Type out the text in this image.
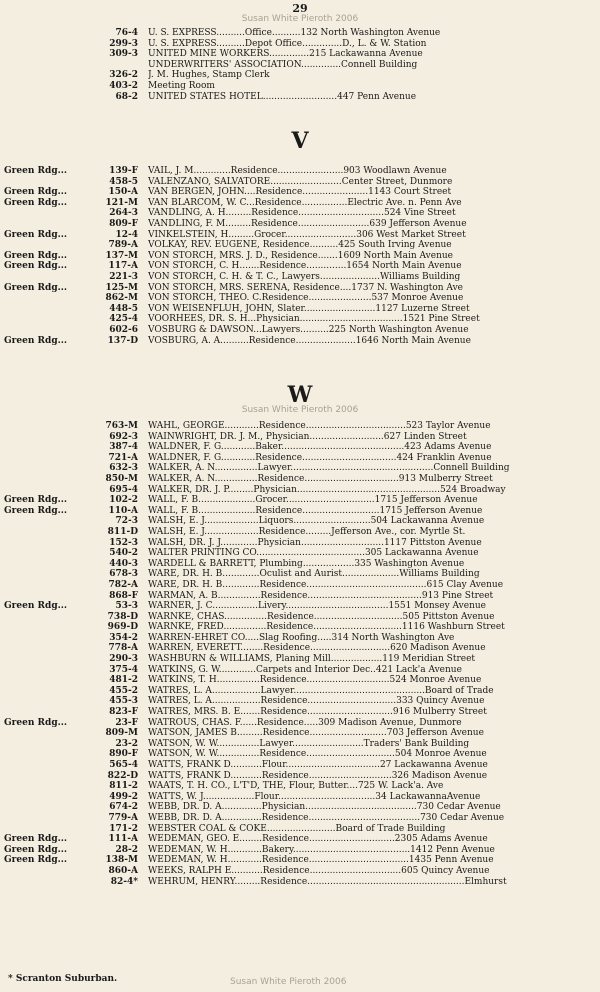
29
Susan White Pieroth 2006
76-4 U. S. EXPRESS..........Office..........132 North Washington Avenue
299-3 U. S. EXPRESS..........Depot Office..............D., L. & W. Station
309-3 UNITED MINE WORKERS..............215 Lackawanna Avenue
UNDERWRITERS' ASSOCIATION..............Connell Building
326-2 J. M. Hughes, Stamp Clerk
403-2 Meeting Room
68-2 UNITED STATES HOTEL..........................447 Penn Avenue
V
Green Rdg...	139-F VAIL, J. M.............Residence.......................903 Woodlawn Avenue
458-5 VALENZANO, SALVATORE.........................Center Street, Dunmore
Green Rdg...	150-A VAN BERGEN, JOHN....Residence.......................1143 Court Street
Green Rdg...	121-M VAN BLARCOM, W. C...Residence................Electric Ave. n. Penn Ave
264-3 VANDLING, A. H.........Residence..............................524 Vine Street
809-F VANDLING, F. M.........Residence.........................639 Jefferson Avenue
Green Rdg...	12-4 VINKELSTEIN, H.........Grocer.........................306 West Market Street
789-A VOLKAY, REV. EUGENE, Residence..........425 South Irving Avenue
Green Rdg...	137-M VON STORCH, MRS. J. D., Residence.......1609 North Main Avenue
Green Rdg...	117-A VON STORCH, C. H.......Residence..............1654 North Main Avenue
221-3 VON STORCH, C. H. & T. C., Lawyers.....................Williams Building
Green Rdg...	125-M VON STORCH, MRS. SERENA, Residence....1737 N. Washington Ave
862-M VON STORCH, THEO. C.Residence......................537 Monroe Avenue
448-5 VON WEISENFLUH, JOHN, Slater.........................1127 Luzerne Street
425-4 VOORHEES, DR. S. H...Physician....................................1521 Pine Street
602-6 VOSBURG & DAWSON...Lawyers..........225 North Washington Avenue
Green Rdg...	137-D VOSBURG, A. A..........Residence.....................1646 North Main Avenue
W
Susan White Pieroth 2006
763-M WAHL, GEORGE............Residence...................................523 Taylor Avenue
692-3 WAINWRIGHT, DR. J. M., Physician..........................627 Linden Street
387-4 WALDNER, F. G............Baker...........................................423 Adams Avenue
721-A WALDNER, F. G............Residence.................................424 Franklin Avenue
632-3 WALKER, A. N...............Lawyer..................................................Connell Building
850-M WALKER, A. N...............Residence.................................913 Mulberry Street
695-4 WALKER, DR. J. P.........Physician..................................................524 Broadway
Green Rdg...	102-2 WALL, F. B....................Grocer...............................1715 Jefferson Avenue
Green Rdg...	110-A WALL, F. B....................Residence...........................1715 Jefferson Avenue
72-3 WALSH, E. J...................Liquors...........................504 Lackawanna Avenue
811-D WALSH, E. J...................Residence.........Jefferson Ave., cor. Myrtle St.
152-3 WALSH, DR. J. J.............Physician.............................1117 Pittston Avenue
540-2 WALTER PRINTING CO......................................305 Lackawanna Avenue
440-3 WARDELL & BARRETT, Plumbing..................335 Washington Avenue
678-3 WARE, DR. H. B.............Oculist and Aurist....................Williams Building
782-A WARE, DR. H. B.............Residence..........................................615 Clay Avenue
868-F WARMAN, A. B...............Residence........................................913 Pine Street
Green Rdg...	53-3 WARNER, J. C................Livery....................................1551 Monsey Avenue
738-D WARNKE, CHAS...............Residence...............................505 Pittston Avenue
969-D WARNKE, FRED...............Residence...............................1116 Washburn Street
354-2 WARREN-EHRET CO.....Slag Roofing.....314 North Washington Ave
778-A WARREN, EVERETT........Residence............................620 Madison Avenue
290-3 WASHBURN & WILLIAMS, Planing Mill..................119 Meridian Street
375-4 WATKINS, G. W.............Carpets and Interior Dec..421 Lack'a Avenue
481-2 WATKINS, T. H...............Residence.............................524 Monroe Avenue
455-2 WATRES, L. A.................Lawyer..............................................Board of Trade
455-3 WATRES, L. A.................Residence...............................333 Quincy Avenue
823-F WATRES, MRS. B. E.......Residence..............................916 Mulberry Street
Green Rdg...	23-F WATROUS, CHAS. F......Residence.....309 Madison Avenue, Dunmore
809-M WATSON, JAMES B.........Residence...........................703 Jefferson Avenue
23-2 WATSON, W. W...............Lawyer.........................Traders' Bank Building
890-F WATSON, W. W...............Residence...............................504 Monroe Avenue
565-4 WATTS, FRANK D...........Flour.................................27 Lackawanna Avenue
822-D WATTS, FRANK D...........Residence.............................326 Madison Avenue
811-2 WAATS, T. H. CO., L'T'D, THE, Flour, Butter....725 W. Lack'a. Ave
499-2 WATTS, W. J..................Flour..................................34 LackawannaAvenue
674-2 WEBB, DR. D. A..............Physician.......................................730 Cedar Avenue
779-A WEBB, DR. D. A..............Residence.......................................730 Cedar Avenue
171-2 WEBSTER COAL & COKE........................Board of Trade Building
Green Rdg...	111-A WEDEMAN, GEO. E........Residence..............................2305 Adams Avenue
Green Rdg...	28-2 WEDEMAN, W. H............Bakery.........................................1412 Penn Avenue
Green Rdg...	138-M WEDEMAN, W. H............Residence...................................1435 Penn Avenue
860-A WEEKS, RALPH E...........Residence................................605 Quincy Avenue
82-4* WEHRUM, HENRY.........Residence.......................................................Elmhurst
* Scranton Suburban.	Susan White Pieroth 2006
